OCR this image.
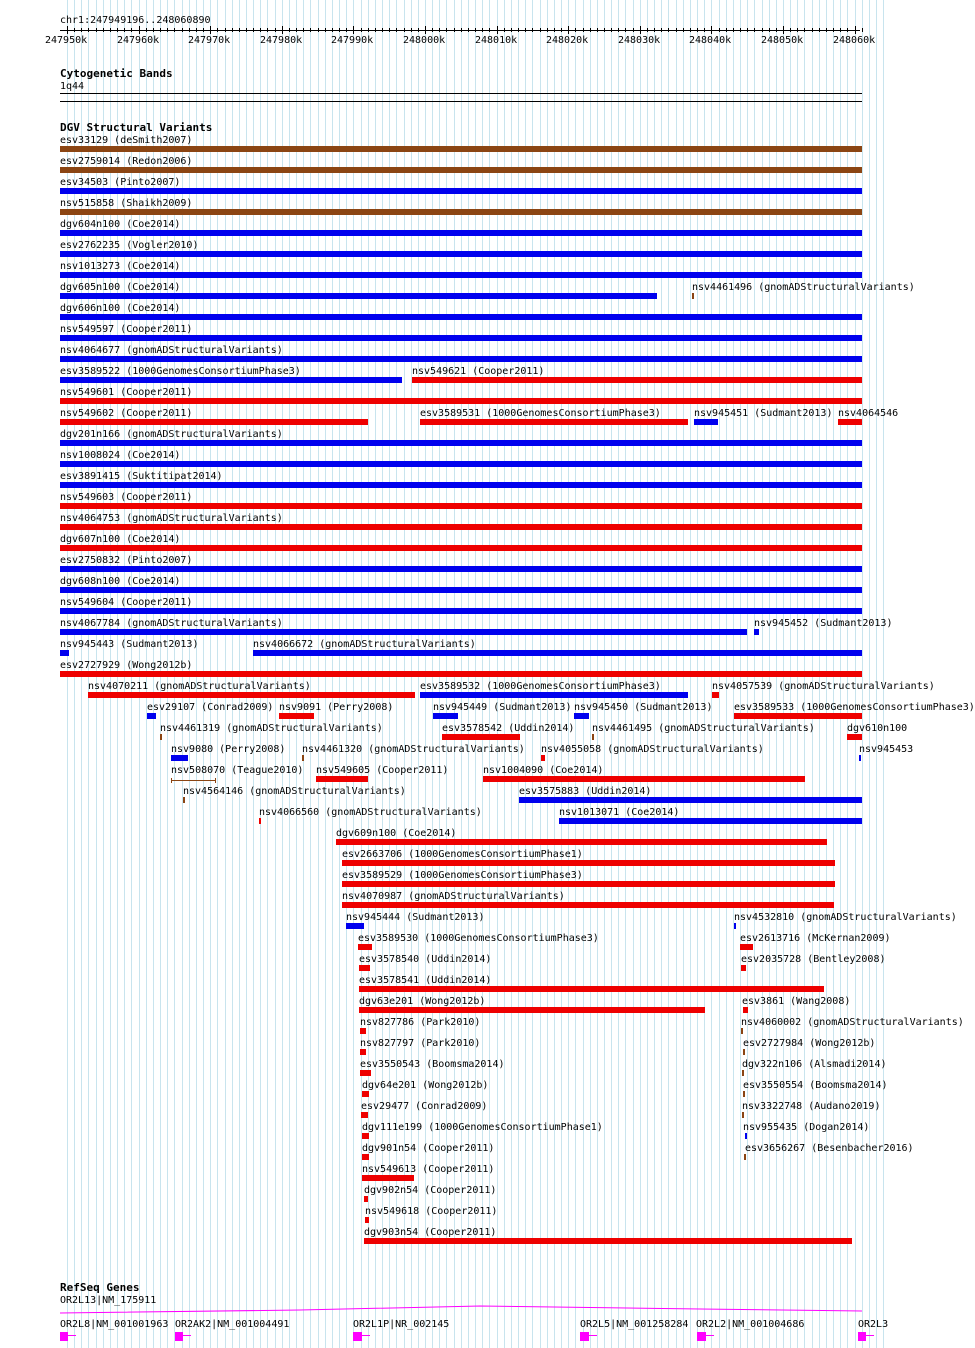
chr1:247949196..248060890
247950k	247960k	247970k	247980k	247990k	248000k	248010k	248020k	248030k	248040k	248050k	248060k
Cytogenetic Bands
1q44
DGV Structural Variants
esv33129 (deSmith2007)
esv2759014 (Redon2006)
esv34503 (Pinto2007)
nsv515858 (Shaikh2009)
dgv604n100 (Coe2014)
esv2762235 (Vogler2010)
nsv1013273 (Coe2014)
dgv605n100 (Coe2014)	nsv4461496 (gnomADStructuralVariants)
dgv606n100 (Coe2014)
nsv549597 (Cooper2011)
nsv4064677 (gnomADStructuralVariants)
esv3589522 (1000GenomesConsortiumPhase3)	nsv549621 (Cooper2011)
nsv549601 (Cooper2011)
nsv549602 (Cooper2011)	esv3589531 (1000GenomesConsortiumPhase3)	nsv945451 (Sudmant2013) nsv4064546
dgv201n166 (gnomADStructuralVariants)
nsv1008024 (Coe2014)
esv3891415 (Suktitipat2014)
nsv549603 (Cooper2011)
nsv4064753 (gnomADStructuralVariants)
dgv607n100 (Coe2014)
esv2750832 (Pinto2007)
dgv608n100 (Coe2014)
nsv549604 (Cooper2011)
nsv4067784 (gnomADStructuralVariants)	nsv945452 (Sudmant2013)
nsv945443 (Sudmant2013)	nsv4066672 (gnomADStructuralVariants)
esv2727929 (Wong2012b)
nsv4070211 (gnomADStructuralVariants)	esv3589532 (1000GenomesConsortiumPhase3)	nsv4057539 (gnomADStructuralVariants)
esv29107 (Conrad2009) nsv9091 (Perry2008)	nsv945449 (Sudmant2013) nsv945450 (Sudmant2013) esv3589533 (1000GenomesConsortiumPhase3)
nsv4461319 (gnomADStructuralVariants)	esv3578542 (Uddin2014) nsv4461495 (gnomADStructuralVariants)	dgv610n100
nsv9080 (Perry2008) nsv4461320 (gnomADStructuralVariants) nsv4055058 (gnomADStructuralVariants)	nsv945453
nsv508070 (Teague2010) nsv549605 (Cooper2011)	nsv1004090 (Coe2014)
nsv4564146 (gnomADStructuralVariants)	esv3575883 (Uddin2014)
nsv4066560 (gnomADStructuralVariants)	nsv1013071 (Coe2014)
dgv609n100 (Coe2014)
esv2663706 (1000GenomesConsortiumPhase1)
esv3589529 (1000GenomesConsortiumPhase3)
nsv4070987 (gnomADStructuralVariants)
nsv945444 (Sudmant2013)	nsv4532810 (gnomADStructuralVariants)
esv3589530 (1000GenomesConsortiumPhase3)	esv2613716 (McKernan2009)
esv3578540 (Uddin2014)	esv2035728 (Bentley2008)
esv3578541 (Uddin2014)
dgv63e201 (Wong2012b)	esv3861 (Wang2008)
nsv827786 (Park2010)	nsv4060002 (gnomADStructuralVariants)
nsv827797 (Park2010)	esv2727984 (Wong2012b)
esv3550543 (Boomsma2014)	dgv322n106 (Alsmadi2014)
dgv64e201 (Wong2012b)	esv3550554 (Boomsma2014)
esv29477 (Conrad2009)	nsv3322748 (Audano2019)
dgv111e199 (1000GenomesConsortiumPhase1)	nsv955435 (Dogan2014)
dgv901n54 (Cooper2011)	esv3656267 (Besenbacher2016)
nsv549613 (Cooper2011)
dgv902n54 (Cooper2011)
nsv549618 (Cooper2011)
dgv903n54 (Cooper2011)
RefSeq Genes
OR2L13|NM_175911
OR2L8|NM_001001963 OR2AK2|NM_001004491	OR2L1P|NR_002145	OR2L5|NM_001258284 OR2L2|NM_001004686	OR2L3
